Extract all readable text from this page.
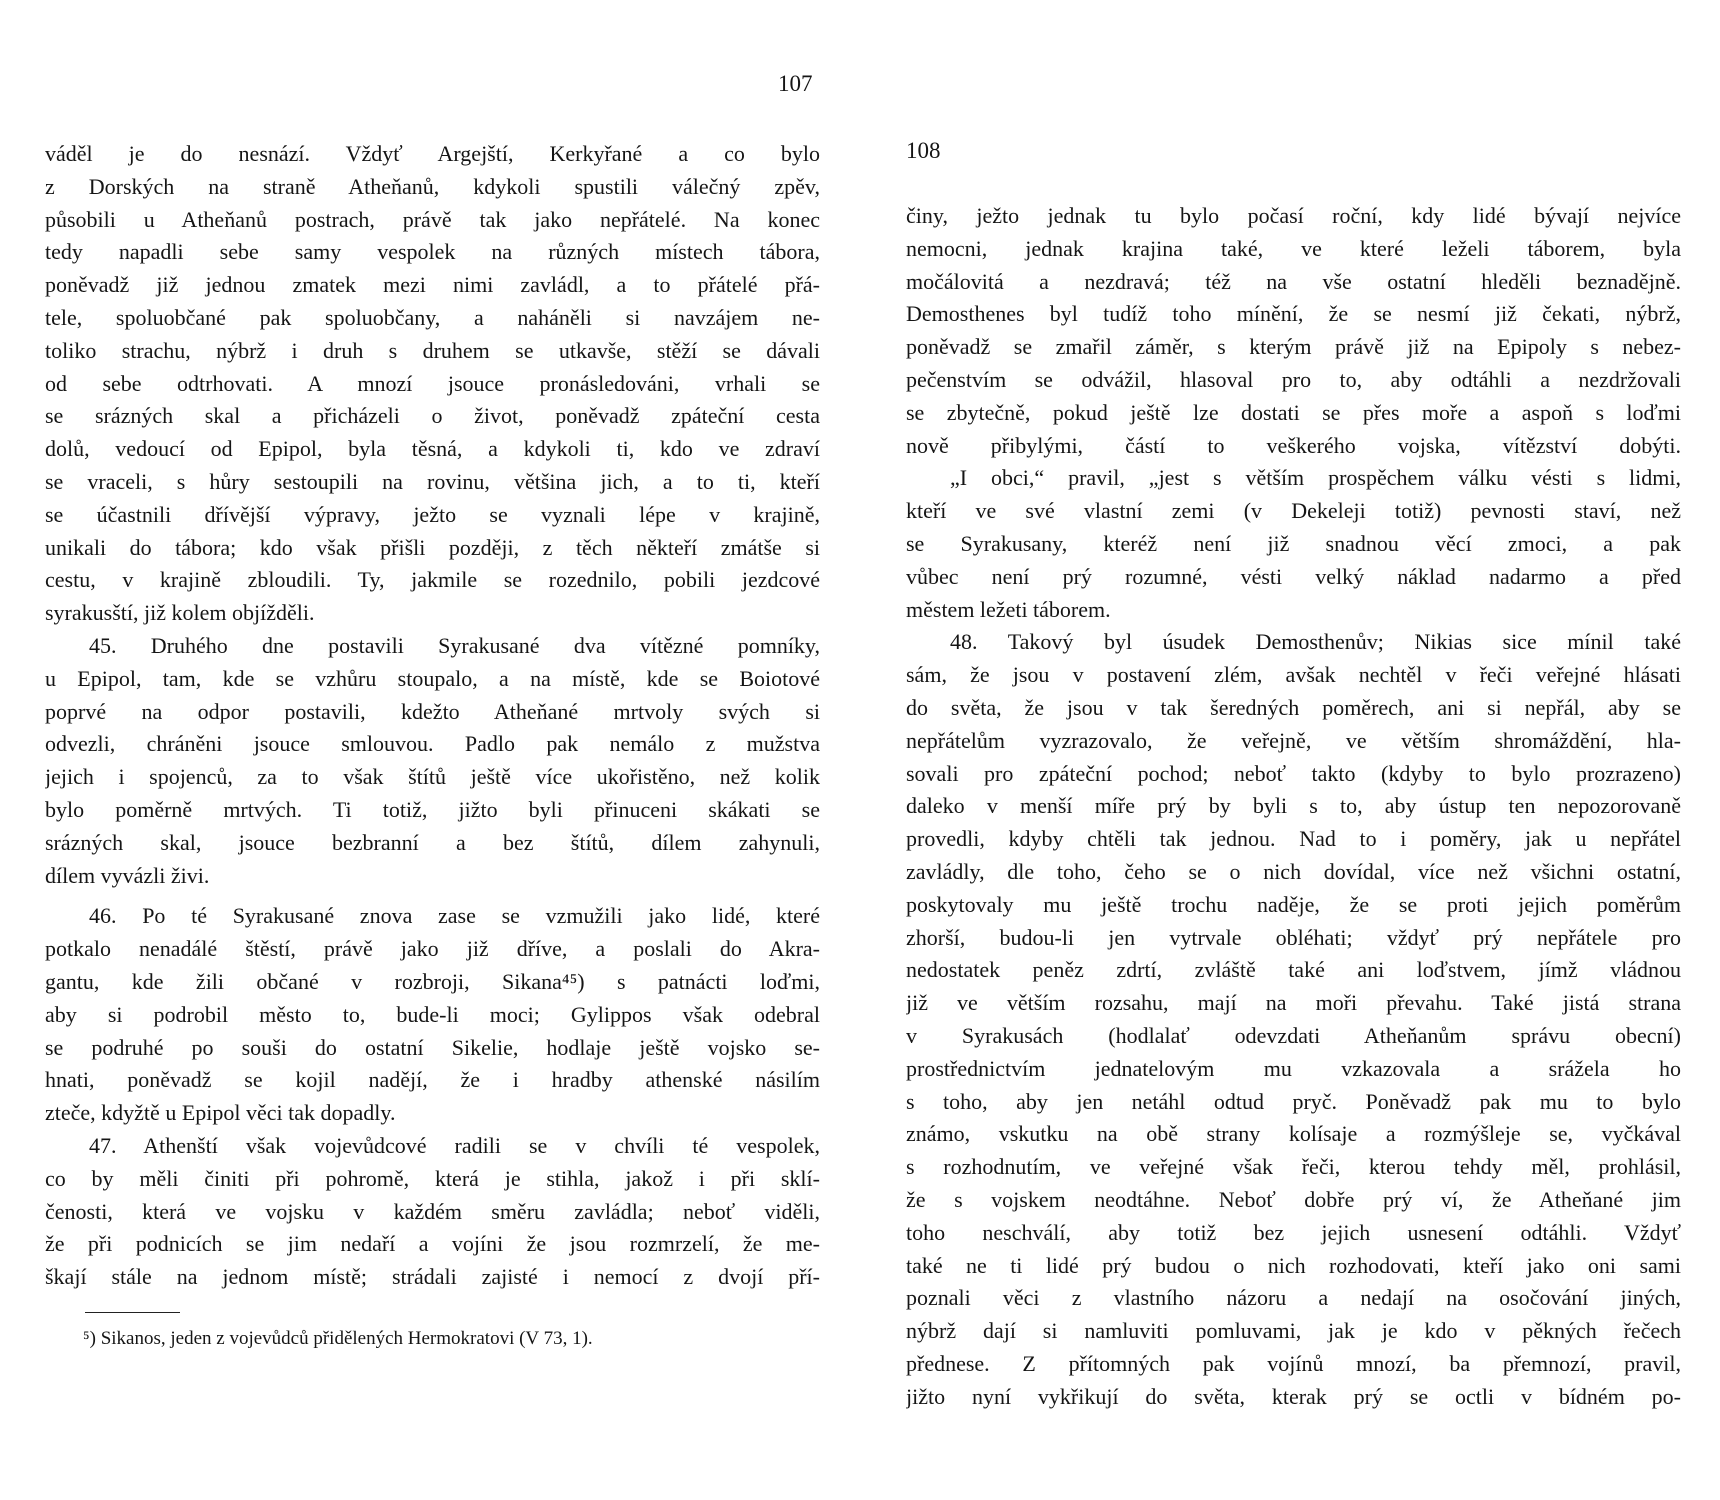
107
váděl je do nesnází. Vždyť Argejští, Kerkyřané a co bylo
z Dorských na straně Atheňanů, kdykoli spustili válečný zpěv,
působili u Atheňanů postrach, právě tak jako nepřátelé. Na konec
tedy napadli sebe samy vespolek na různých místech tábora,
poněvadž již jednou zmatek mezi nimi zavládl, a to přátelé přá-
tele, spoluobčané pak spoluobčany, a naháněli si navzájem ne-
toliko strachu, nýbrž i druh s druhem se utkavše, stěží se dávali
od sebe odtrhovati. A mnozí jsouce pronásledováni, vrhali se
se srázných skal a přicházeli o život, poněvadž zpáteční cesta
dolů, vedoucí od Epipol, byla těsná, a kdykoli ti, kdo ve zdraví
se vraceli, s hůry sestoupili na rovinu, většina jich, a to ti, kteří
se účastnili dřívější výpravy, ježto se vyznali lépe v krajině,
unikali do tábora; kdo však přišli později, z těch někteří zmátše si
cestu, v krajině zbloudili. Ty, jakmile se rozednilo, pobili jezdcové
syrakusští, již kolem objížděli.
45. Druhého dne postavili Syrakusané dva vítězné pomníky,
u Epipol, tam, kde se vzhůru stoupalo, a na místě, kde se Boiotové
poprvé na odpor postavili, kdežto Atheňané mrtvoly svých si
odvezli, chráněni jsouce smlouvou. Padlo pak nemálo z mužstva
jejich i spojenců, za to však štítů ještě více ukořistěno, než kolik
bylo poměrně mrtvých. Ti totiž, jižto byli přinuceni skákati se
srázných skal, jsouce bezbranní a bez štítů, dílem zahynuli,
dílem vyvázli živi.
46. Po té Syrakusané znova zase se vzmužili jako lidé, které
potkalo nenadálé štěstí, právě jako již dříve, a poslali do Akra-
gantu, kde žili občané v rozbroji, Sikana⁴⁵) s patnácti loďmi,
aby si podrobil město to, bude-li moci; Gylippos však odebral
se podruhé po souši do ostatní Sikelie, hodlaje ještě vojsko se-
hnati, poněvadž se kojil nadějí, že i hradby athenské násilím
zteče, kdyžtě u Epipol věci tak dopadly.
47. Athenští však vojevůdcové radili se v chvíli té vespolek,
co by měli činiti při pohromě, která je stihla, jakož i při sklí-
čenosti, která ve vojsku v každém směru zavládla; neboť viděli,
že při podnicích se jim nedaří a vojíni že jsou rozmrzelí, že me-
škají stále na jednom místě; strádali zajisté i nemocí z dvojí pří-
⁵) Sikanos, jeden z vojevůdců přidělených Hermokratovi (V 73, 1).
108
činy, ježto jednak tu bylo počasí roční, kdy lidé bývají nejvíce
nemocni, jednak krajina také, ve které leželi táborem, byla
močálovitá a nezdravá; též na vše ostatní hleděli beznadějně.
Demosthenes byl tudíž toho mínění, že se nesmí již čekati, nýbrž,
poněvadž se zmařil záměr, s kterým právě již na Epipoly s nebez-
pečenstvím se odvážil, hlasoval pro to, aby odtáhli a nezdržovali
se zbytečně, pokud ještě lze dostati se přes moře a aspoň s loďmi
nově přibylými, částí to veškerého vojska, vítězství dobýti.
„I obci,“ pravil, „jest s větším prospěchem válku vésti s lidmi,
kteří ve své vlastní zemi (v Dekeleji totiž) pevnosti staví, než
se Syrakusany, kteréž není již snadnou věcí zmoci, a pak
vůbec není prý rozumné, vésti velký náklad nadarmo a před
městem ležeti táborem.
48. Takový byl úsudek Demosthenův; Nikias sice mínil také
sám, že jsou v postavení zlém, avšak nechtěl v řeči veřejné hlásati
do světa, že jsou v tak šeredných poměrech, ani si nepřál, aby se
nepřátelům vyzrazovalo, že veřejně, ve větším shromáždění, hla-
sovali pro zpáteční pochod; neboť takto (kdyby to bylo prozrazeno)
daleko v menší míře prý by byli s to, aby ústup ten nepozorovaně
provedli, kdyby chtěli tak jednou. Nad to i poměry, jak u nepřátel
zavládly, dle toho, čeho se o nich dovídal, více než všichni ostatní,
poskytovaly mu ještě trochu naděje, že se proti jejich poměrům
zhorší, budou-li jen vytrvale obléhati; vždyť prý nepřátele pro
nedostatek peněz zdrtí, zvláště také ani loďstvem, jímž vládnou
již ve větším rozsahu, mají na moři převahu. Také jistá strana
v Syrakusách (hodlalať odevzdati Atheňanům správu obecní)
prostřednictvím jednatelovým mu vzkazovala a srážela ho
s toho, aby jen netáhl odtud pryč. Poněvadž pak mu to bylo
známo, vskutku na obě strany kolísaje a rozmýšleje se, vyčkával
s rozhodnutím, ve veřejné však řeči, kterou tehdy měl, prohlásil,
že s vojskem neodtáhne. Neboť dobře prý ví, že Atheňané jim
toho neschválí, aby totiž bez jejich usnesení odtáhli. Vždyť
také ne ti lidé prý budou o nich rozhodovati, kteří jako oni sami
poznali věci z vlastního názoru a nedají na osočování jiných,
nýbrž dají si namluviti pomluvami, jak je kdo v pěkných řečech
přednese. Z přítomných pak vojínů mnozí, ba přemnozí, pravil,
jižto nyní vykřikují do světa, kterak prý se octli v bídném po-
